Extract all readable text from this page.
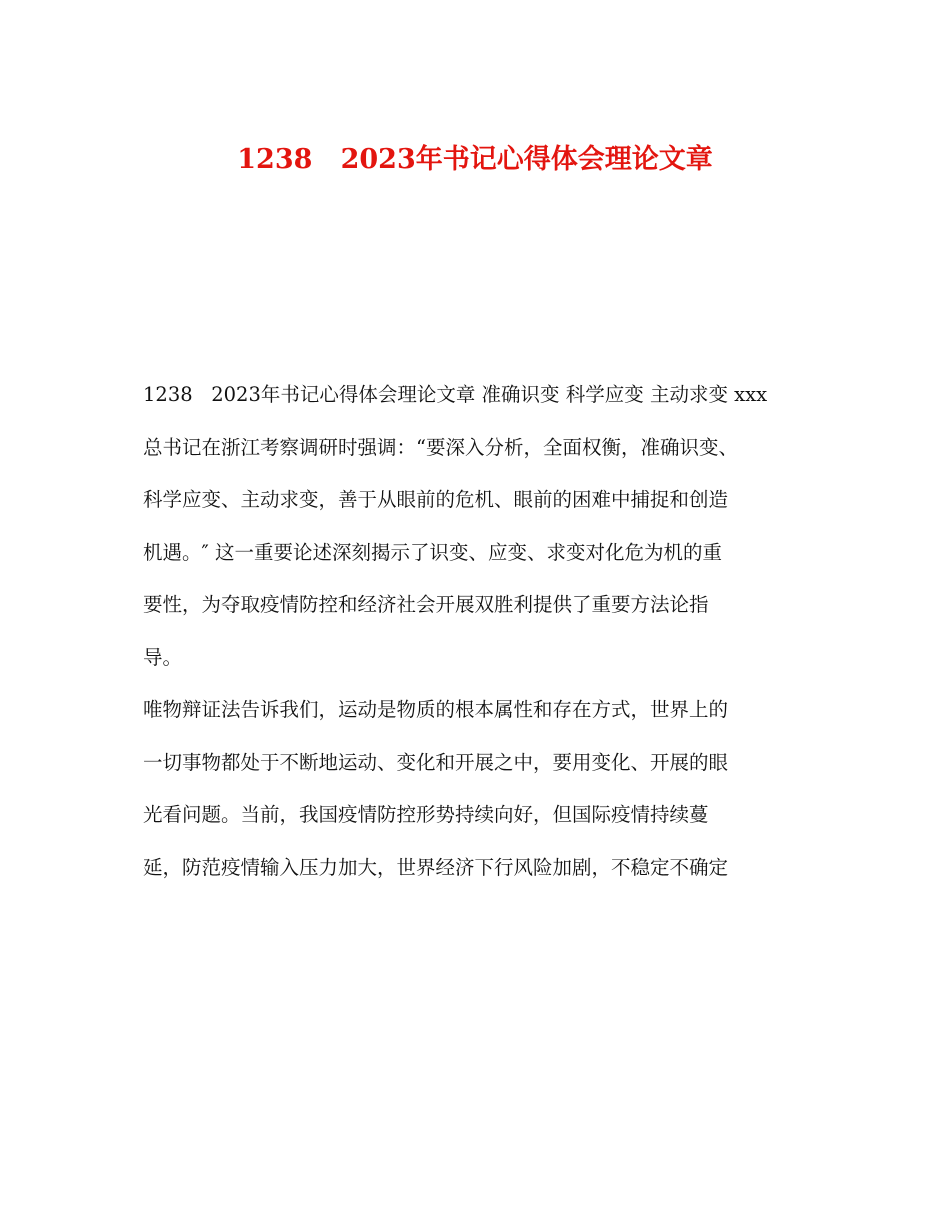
1238   2023年书记心得体会理论文章
1238   2023年书记心得体会理论文章 准确识变 科学应变 主动求变 xxx
总书记在浙江考察调研时强调：“要深入分析，全面权衡，准确识变、
科学应变、主动求变，善于从眼前的危机、眼前的困难中捕捉和创造
机遇。″ 这一重要论述深刻揭示了识变、应变、求变对化危为机的重
要性，为夺取疫情防控和经济社会开展双胜利提供了重要方法论指
导。
唯物辩证法告诉我们，运动是物质的根本属性和存在方式，世界上的
一切事物都处于不断地运动、变化和开展之中，要用变化、开展的眼
光看问题。当前，我国疫情防控形势持续向好，但国际疫情持续蔓
延，防范疫情输入压力加大，世界经济下行风险加剧，不稳定不确定
